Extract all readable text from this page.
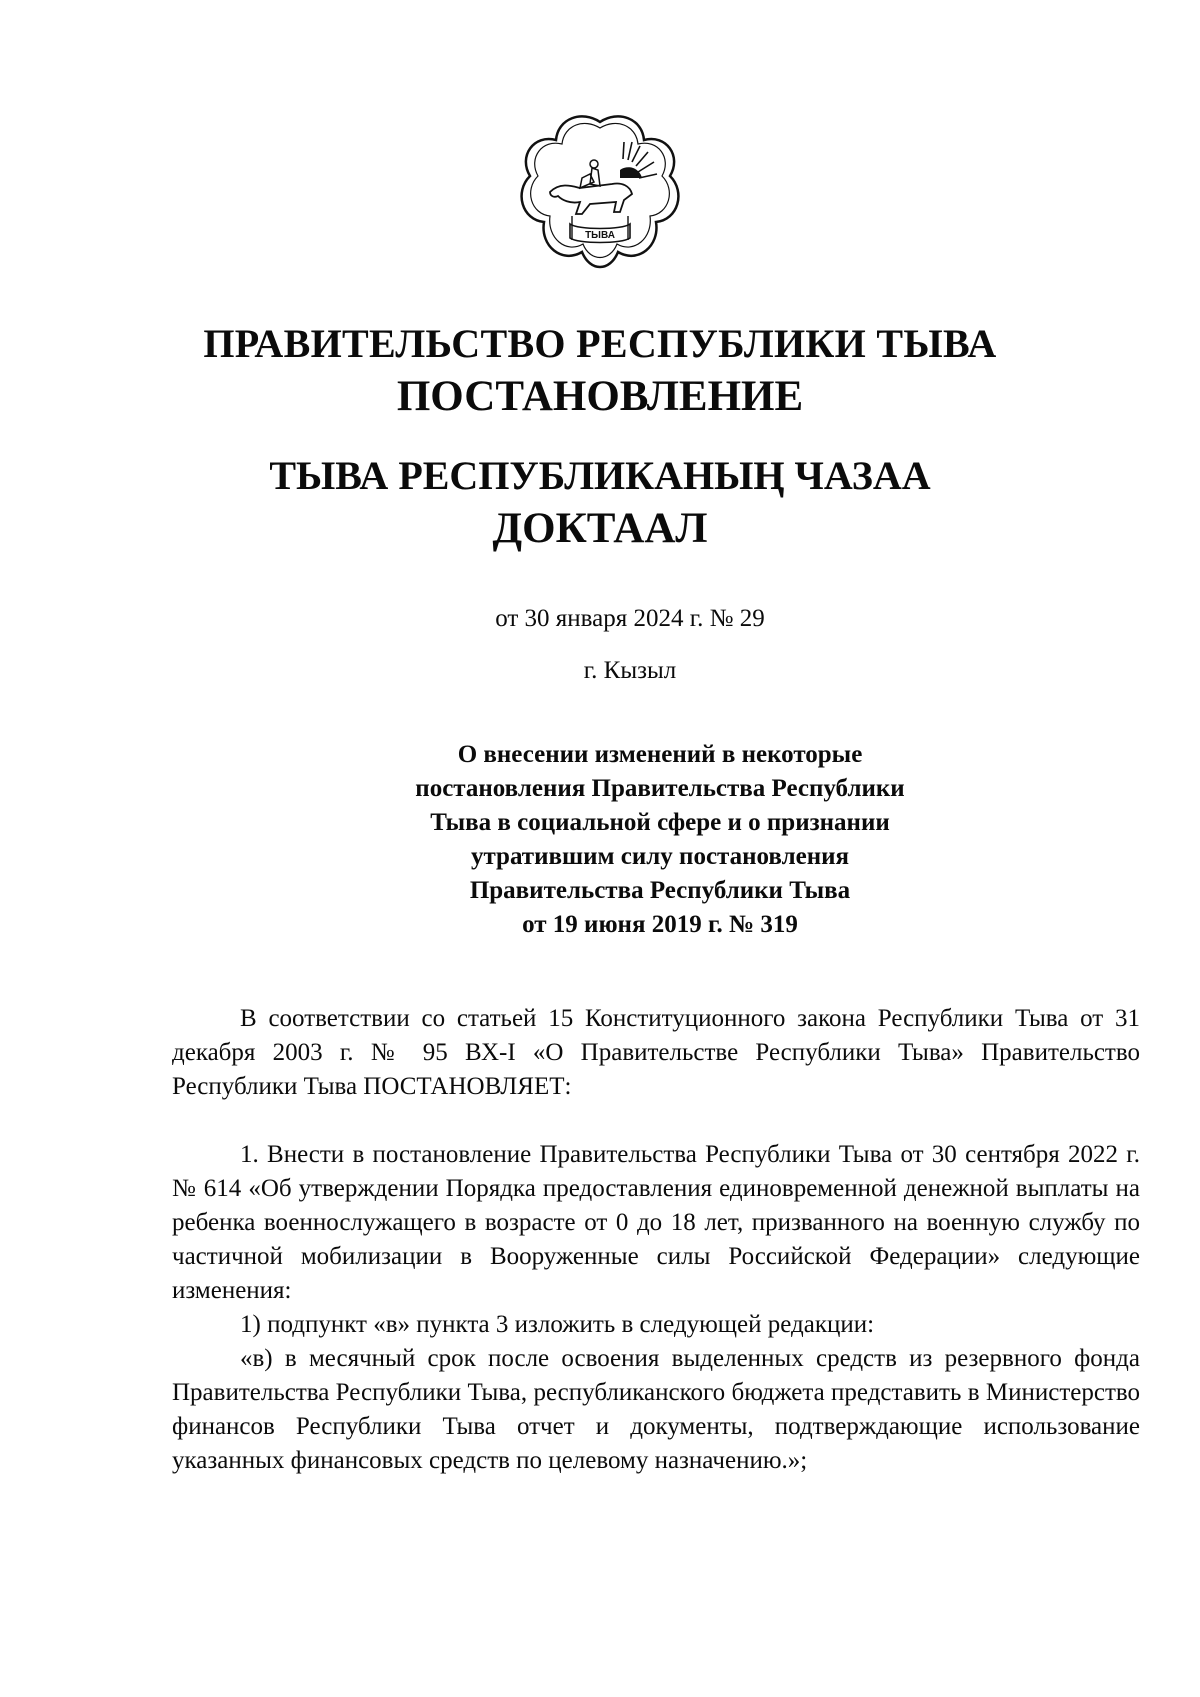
ТЫВА
ПРАВИТЕЛЬСТВО РЕСПУБЛИКИ ТЫВА
ПОСТАНОВЛЕНИЕ
ТЫВА РЕСПУБЛИКАНЫҢ ЧАЗАА
ДОКТААЛ
от 30 января 2024 г. № 29
г. Кызыл
О внесении изменений в некоторые
постановления Правительства Республики
Тыва в социальной сфере и о признании
утратившим силу постановления
Правительства Республики Тыва
от 19 июня 2019 г. № 319

В соответствии со статьей 15 Конституционного закона Республики Тыва от 31 декабря 2003 г. № 95 ВХ-I «О Правительстве Республики Тыва» Правительство Республики Тыва ПОСТАНОВЛЯЕТ:

1. Внести в постановление Правительства Республики Тыва от 30 сентября 2022 г. № 614 «Об утверждении Порядка предоставления единовременной денежной выплаты на ребенка военнослужащего в возрасте от 0 до 18 лет, призванного на военную службу по частичной мобилизации в Вооруженные силы Российской Федерации» следующие изменения:

1) подпункт «в» пункта 3 изложить в следующей редакции:

«в) в месячный срок после освоения выделенных средств из резервного фонда Правительства Республики Тыва, республиканского бюджета представить в Министерство финансов Республики Тыва отчет и документы, подтверждающие использование указанных финансовых средств по целевому назначению.»;
